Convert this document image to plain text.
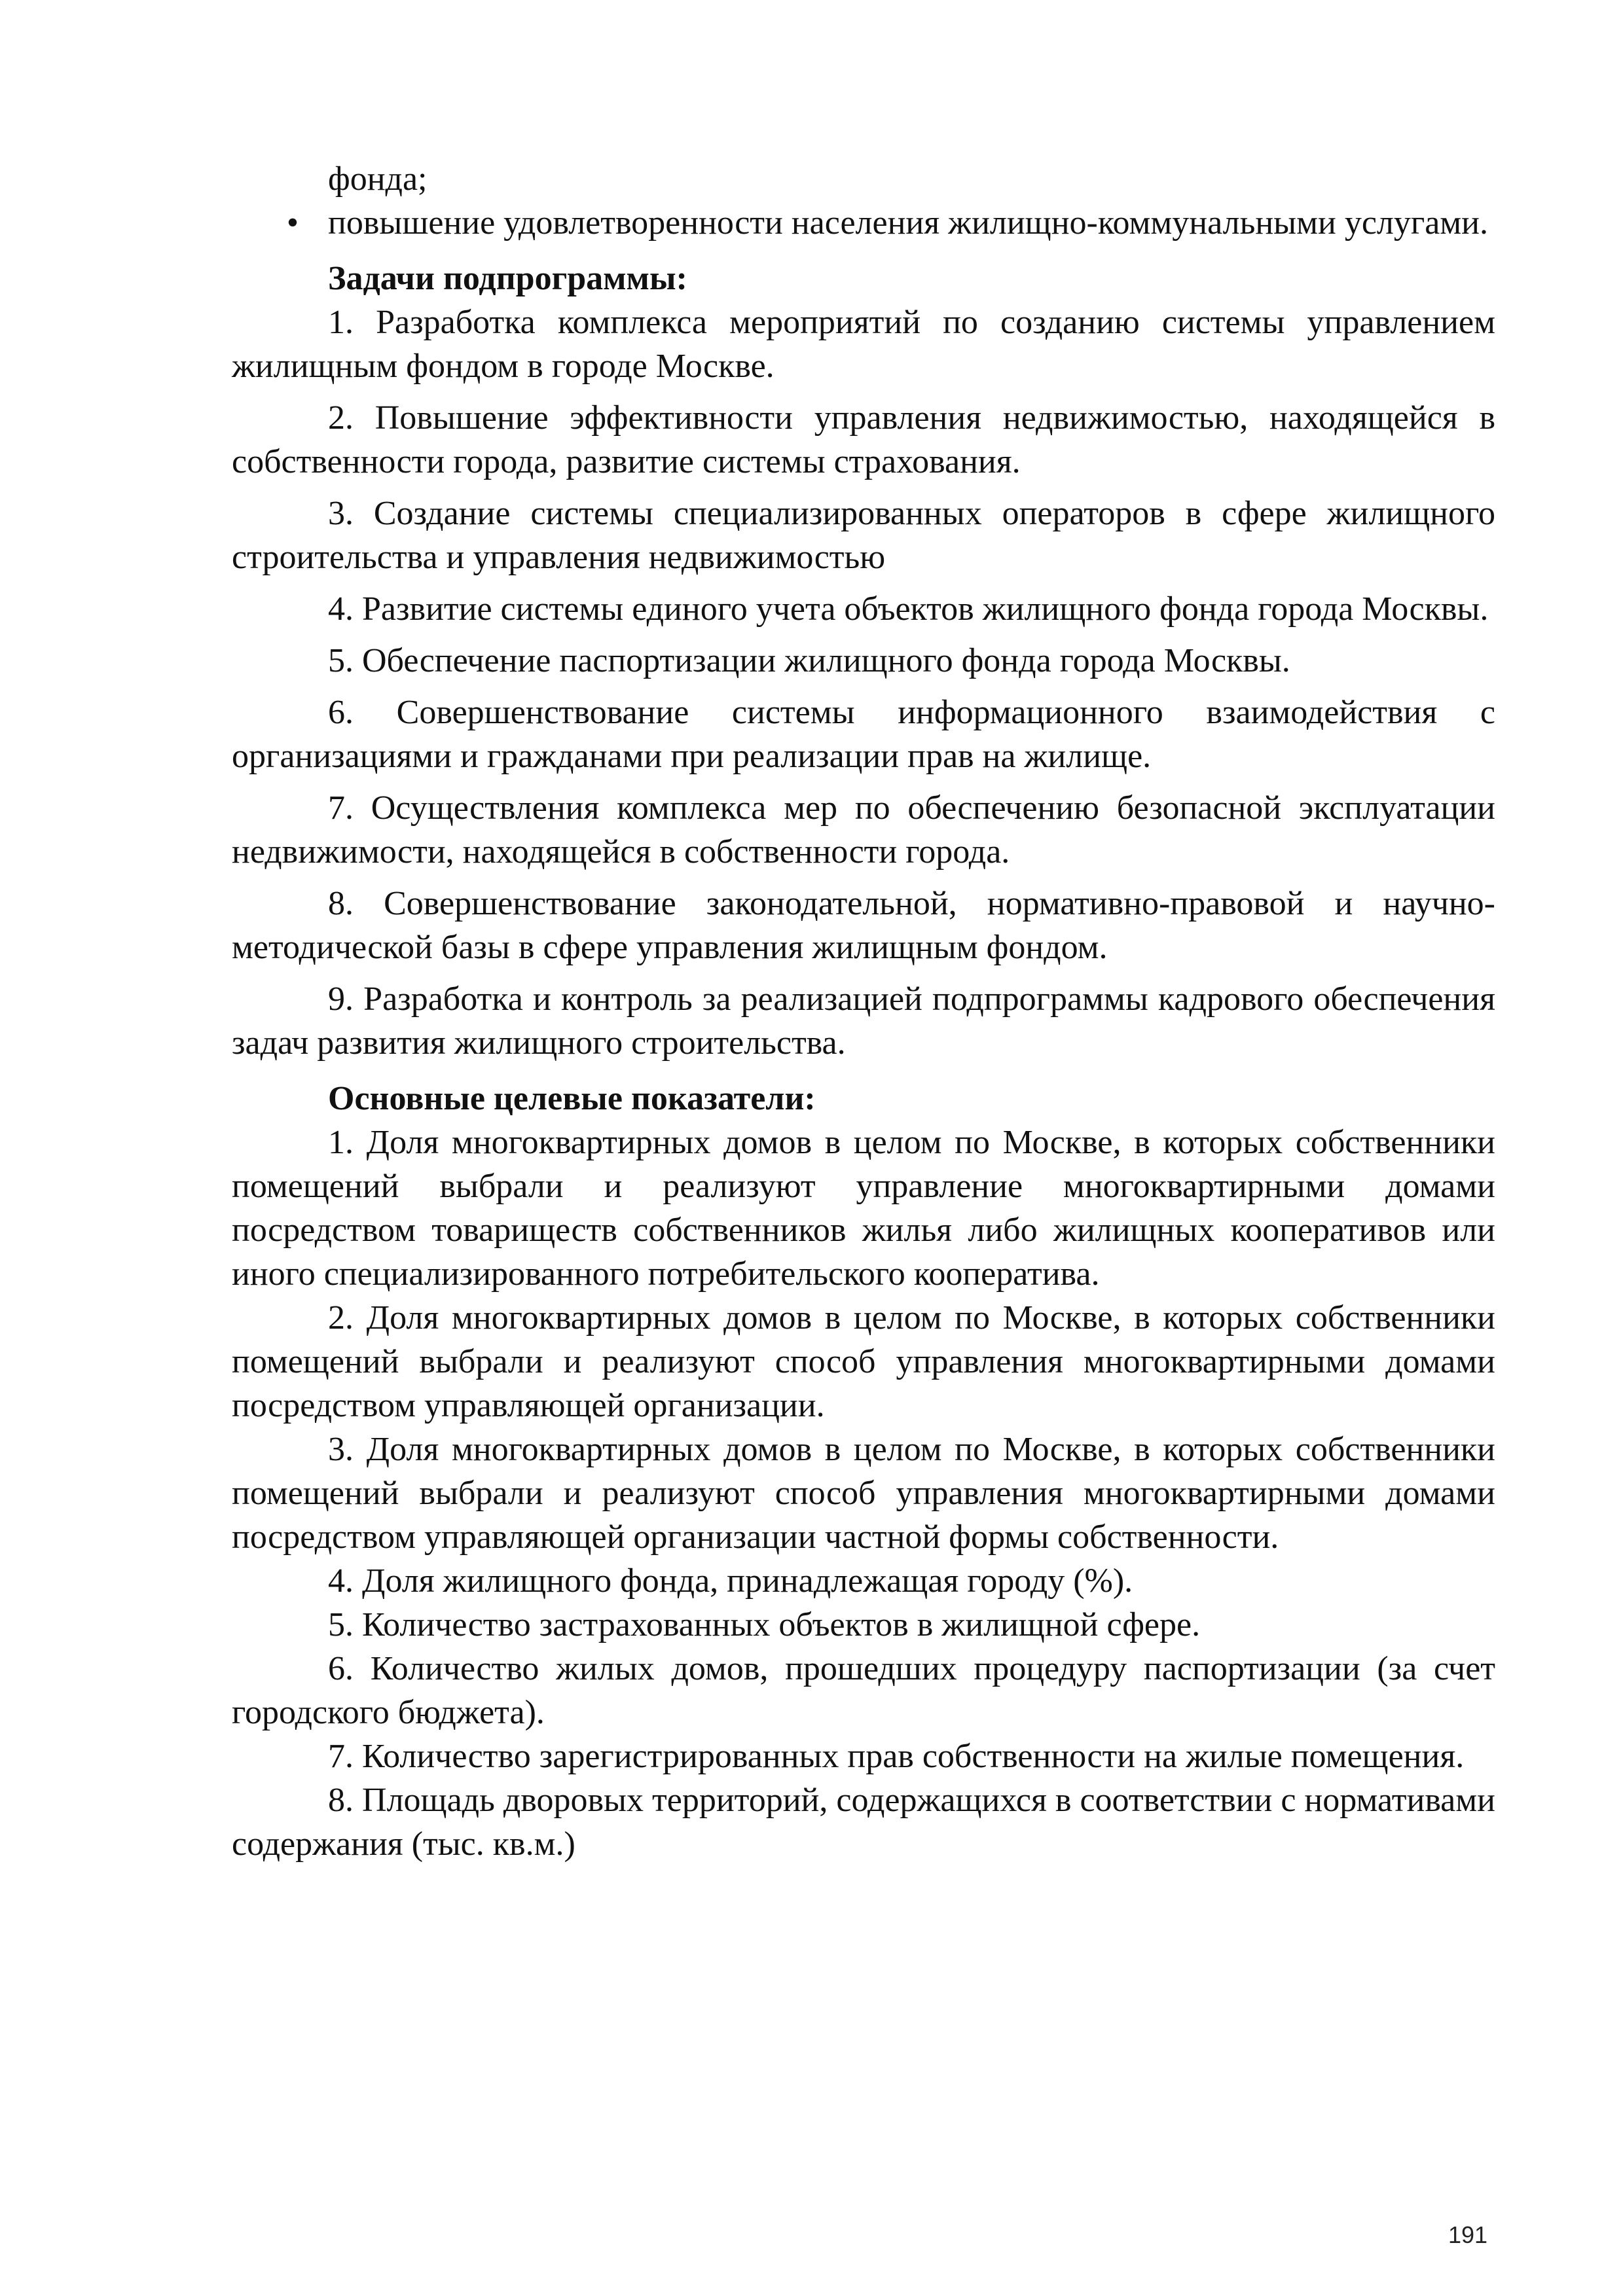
фонда;

• повышение удовлетворенности населения жилищно-коммунальными услугами.

Задачи подпрограммы:

1. Разработка комплекса мероприятий по созданию системы управлением жилищным фондом в городе Москве.

2. Повышение эффективности управления недвижимостью, находящейся в собственности города, развитие системы страхования.

3. Создание системы специализированных операторов в сфере жилищного строительства и управления недвижимостью

4. Развитие системы единого учета объектов жилищного фонда города Москвы.

5. Обеспечение паспортизации жилищного фонда города Москвы.

6. Совершенствование системы информационного взаимодействия с организациями и гражданами при реализации прав на жилище.

7. Осуществления комплекса мер по обеспечению безопасной эксплуатации недвижимости, находящейся в собственности города.

8. Совершенствование законодательной, нормативно-правовой и научно-методической базы в сфере управления жилищным фондом.

9. Разработка и контроль за реализацией подпрограммы кадрового обеспечения задач развития жилищного строительства.

Основные целевые показатели:

1. Доля многоквартирных домов в целом по Москве, в которых собственники помещений выбрали и реализуют управление многоквартирными домами посредством товариществ собственников жилья либо жилищных кооперативов или иного специализированного потребительского кооператива.

2. Доля многоквартирных домов в целом по Москве, в которых собственники помещений выбрали и реализуют способ управления многоквартирными домами посредством управляющей организации.

3. Доля многоквартирных домов в целом по Москве, в которых собственники помещений выбрали и реализуют способ управления многоквартирными домами посредством управляющей организации частной формы собственности.

4. Доля жилищного фонда, принадлежащая городу (%).

5. Количество застрахованных объектов в жилищной сфере.

6. Количество жилых домов, прошедших процедуру паспортизации (за счет городского бюджета).

7. Количество зарегистрированных прав собственности на жилые помещения.

8. Площадь дворовых территорий, содержащихся в соответствии с нормативами содержания (тыс. кв.м.)

191
